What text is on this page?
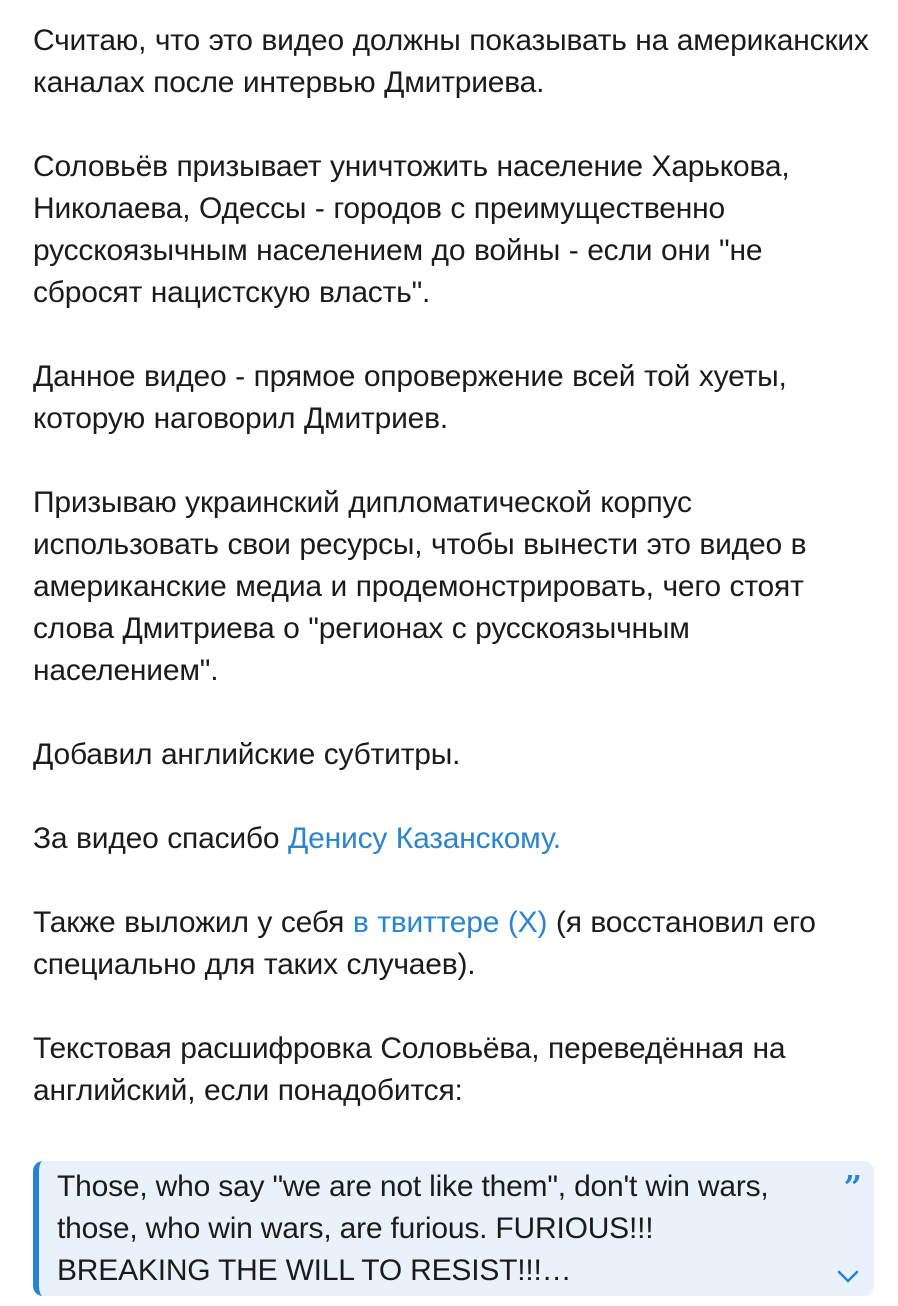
Считаю, что это видео должны показывать на американских каналах после интервью Дмитриева.

Соловьёв призывает уничтожить население Харькова, Николаева, Одессы - городов с преимущественно русскоязычным населением до войны - если они "не сбросят нацистскую власть".

Данное видео - прямое опровержение всей той хуеты, которую наговорил Дмитриев.

Призываю украинский дипломатической корпус использовать свои ресурсы, чтобы вынести это видео в американские медиа и продемонстрировать, чего стоят слова Дмитриева о "регионах с русскоязычным населением".

Добавил английские субтитры.

За видео спасибо Денису Казанскому.

Также выложил у себя в твиттере (X) (я восстановил его специально для таких случаев).

Текстовая расшифровка Соловьёва, переведённая на английский, если понадобится:

Those, who say "we are not like them", don't win wars, those, who win wars, are furious. FURIOUS!!! BREAKING THE WILL TO RESIST!!!…
”
